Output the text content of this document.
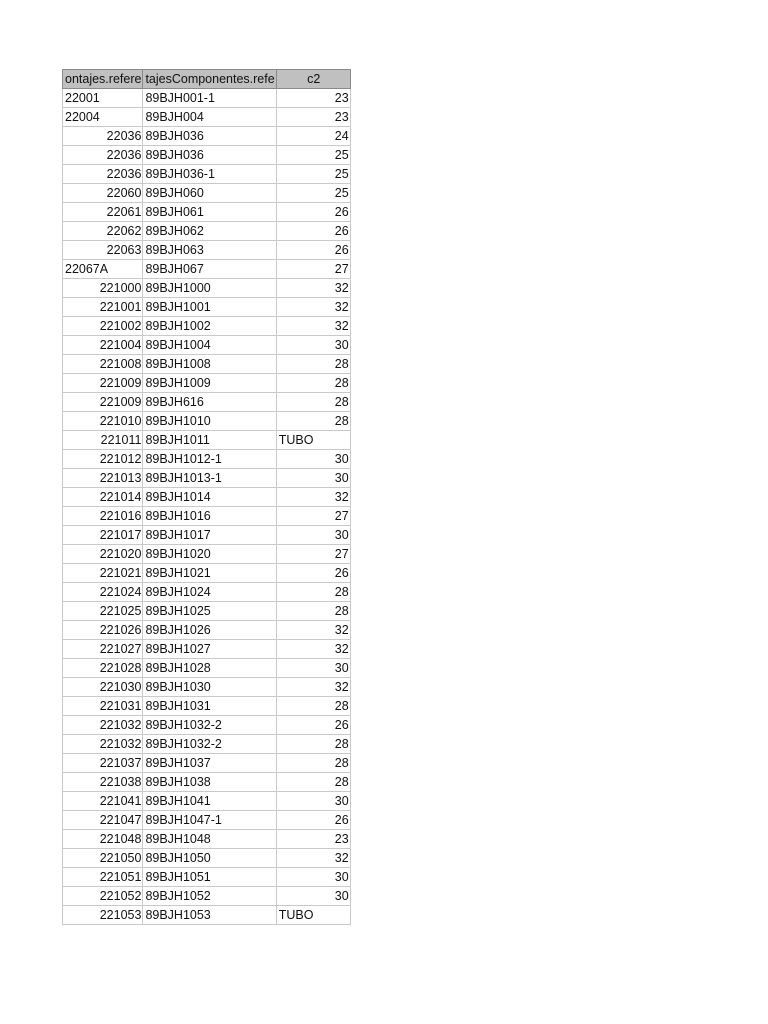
ontajes.refere	tajesComponentes.refe	c2
22001	89BJH001-1	23
22004	89BJH004	23
22036	89BJH036	24
22036	89BJH036	25
22036	89BJH036-1	25
22060	89BJH060	25
22061	89BJH061	26
22062	89BJH062	26
22063	89BJH063	26
22067A	89BJH067	27
221000	89BJH1000	32
221001	89BJH1001	32
221002	89BJH1002	32
221004	89BJH1004	30
221008	89BJH1008	28
221009	89BJH1009	28
221009	89BJH616	28
221010	89BJH1010	28
221011	89BJH1011	TUBO
221012	89BJH1012-1	30
221013	89BJH1013-1	30
221014	89BJH1014	32
221016	89BJH1016	27
221017	89BJH1017	30
221020	89BJH1020	27
221021	89BJH1021	26
221024	89BJH1024	28
221025	89BJH1025	28
221026	89BJH1026	32
221027	89BJH1027	32
221028	89BJH1028	30
221030	89BJH1030	32
221031	89BJH1031	28
221032	89BJH1032-2	26
221032	89BJH1032-2	28
221037	89BJH1037	28
221038	89BJH1038	28
221041	89BJH1041	30
221047	89BJH1047-1	26
221048	89BJH1048	23
221050	89BJH1050	32
221051	89BJH1051	30
221052	89BJH1052	30
221053	89BJH1053	TUBO
